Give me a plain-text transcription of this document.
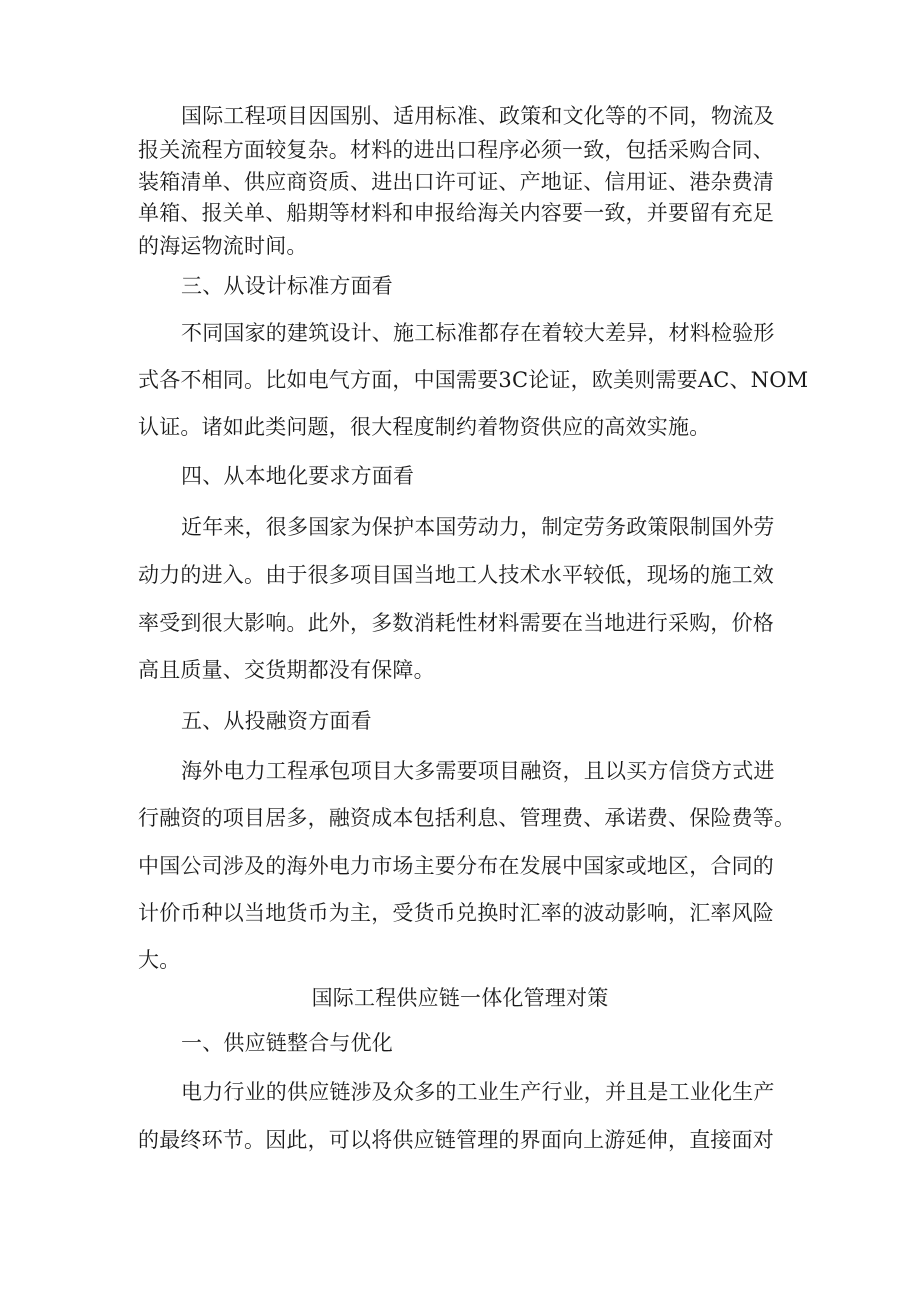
国际工程项目因国别、适用标准、政策和文化等的不同，物流及
报关流程方面较复杂。材料的进出口程序必须一致，包括采购合同、
装箱清单、供应商资质、进出口许可证、产地证、信用证、港杂费清
单箱、报关单、船期等材料和申报给海关内容要一致，并要留有充足
的海运物流时间。
三、从设计标准方面看
不同国家的建筑设计、施工标准都存在着较大差异，材料检验形
式各不相同。比如电气方面，中国需要3C论证，欧美则需要AC、NOM
认证。诸如此类问题，很大程度制约着物资供应的高效实施。
四、从本地化要求方面看
近年来，很多国家为保护本国劳动力，制定劳务政策限制国外劳
动力的进入。由于很多项目国当地工人技术水平较低，现场的施工效
率受到很大影响。此外，多数消耗性材料需要在当地进行采购，价格
高且质量、交货期都没有保障。
五、从投融资方面看
海外电力工程承包项目大多需要项目融资，且以买方信贷方式进
行融资的项目居多，融资成本包括利息、管理费、承诺费、保险费等。
中国公司涉及的海外电力市场主要分布在发展中国家或地区，合同的
计价币种以当地货币为主，受货币兑换时汇率的波动影响，汇率风险
大。
国际工程供应链一体化管理对策
一、供应链整合与优化
电力行业的供应链涉及众多的工业生产行业，并且是工业化生产
的最终环节。因此，可以将供应链管理的界面向上游延伸，直接面对
